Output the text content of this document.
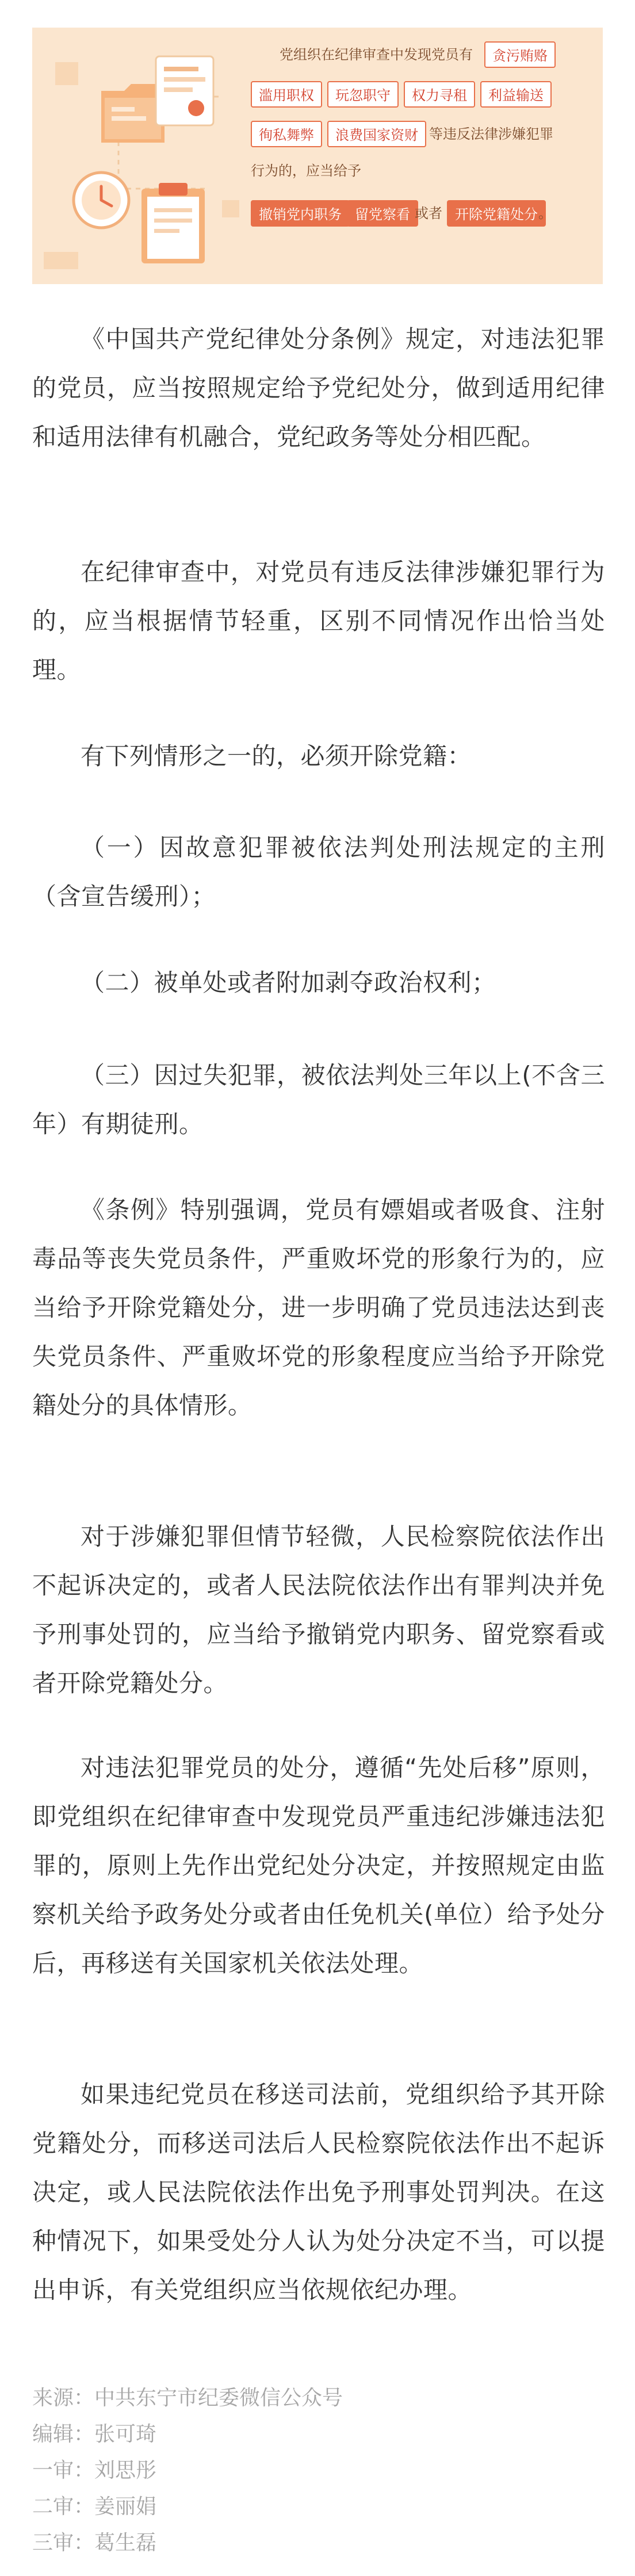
党组织在纪律审查中发现党员有	贪污贿赂
滥用职权	玩忽职守	权力寻租	利益输送
徇私舞弊	浪费国家资财 等违反法律涉嫌犯罪
行为的，应当给予
撤销党内职务 留党察看 或者 开除党籍处分 。

《中国共产党纪律处分条例》规定，对违法犯罪的党员，应当按照规定给予党纪处分，做到适用纪律和适用法律有机融合，党纪政务等处分相匹配。

在纪律审查中，对党员有违反法律涉嫌犯罪行为的，应当根据情节轻重，区别不同情况作出恰当处理。

有下列情形之一的，必须开除党籍：

（一）因故意犯罪被依法判处刑法规定的主刑（含宣告缓刑）；

（二）被单处或者附加剥夺政治权利；

（三）因过失犯罪，被依法判处三年以上(不含三年）有期徒刑。

《条例》特别强调，党员有嫖娼或者吸食、注射毒品等丧失党员条件，严重败坏党的形象行为的，应当给予开除党籍处分，进一步明确了党员违法达到丧失党员条件、严重败坏党的形象程度应当给予开除党籍处分的具体情形。

对于涉嫌犯罪但情节轻微，人民检察院依法作出不起诉决定的，或者人民法院依法作出有罪判决并免予刑事处罚的，应当给予撤销党内职务、留党察看或者开除党籍处分。

对违法犯罪党员的处分，遵循“先处后移”原则，即党组织在纪律审查中发现党员严重违纪涉嫌违法犯罪的，原则上先作出党纪处分决定，并按照规定由监察机关给予政务处分或者由任免机关(单位）给予处分后，再移送有关国家机关依法处理。

如果违纪党员在移送司法前，党组织给予其开除党籍处分，而移送司法后人民检察院依法作出不起诉决定，或人民法院依法作出免予刑事处罚判决。在这种情况下，如果受处分人认为处分决定不当，可以提出申诉，有关党组织应当依规依纪办理。

来源：中共东宁市纪委微信公众号
编辑：张可琦
一审：刘思彤
二审：姜丽娟
三审：葛生磊
